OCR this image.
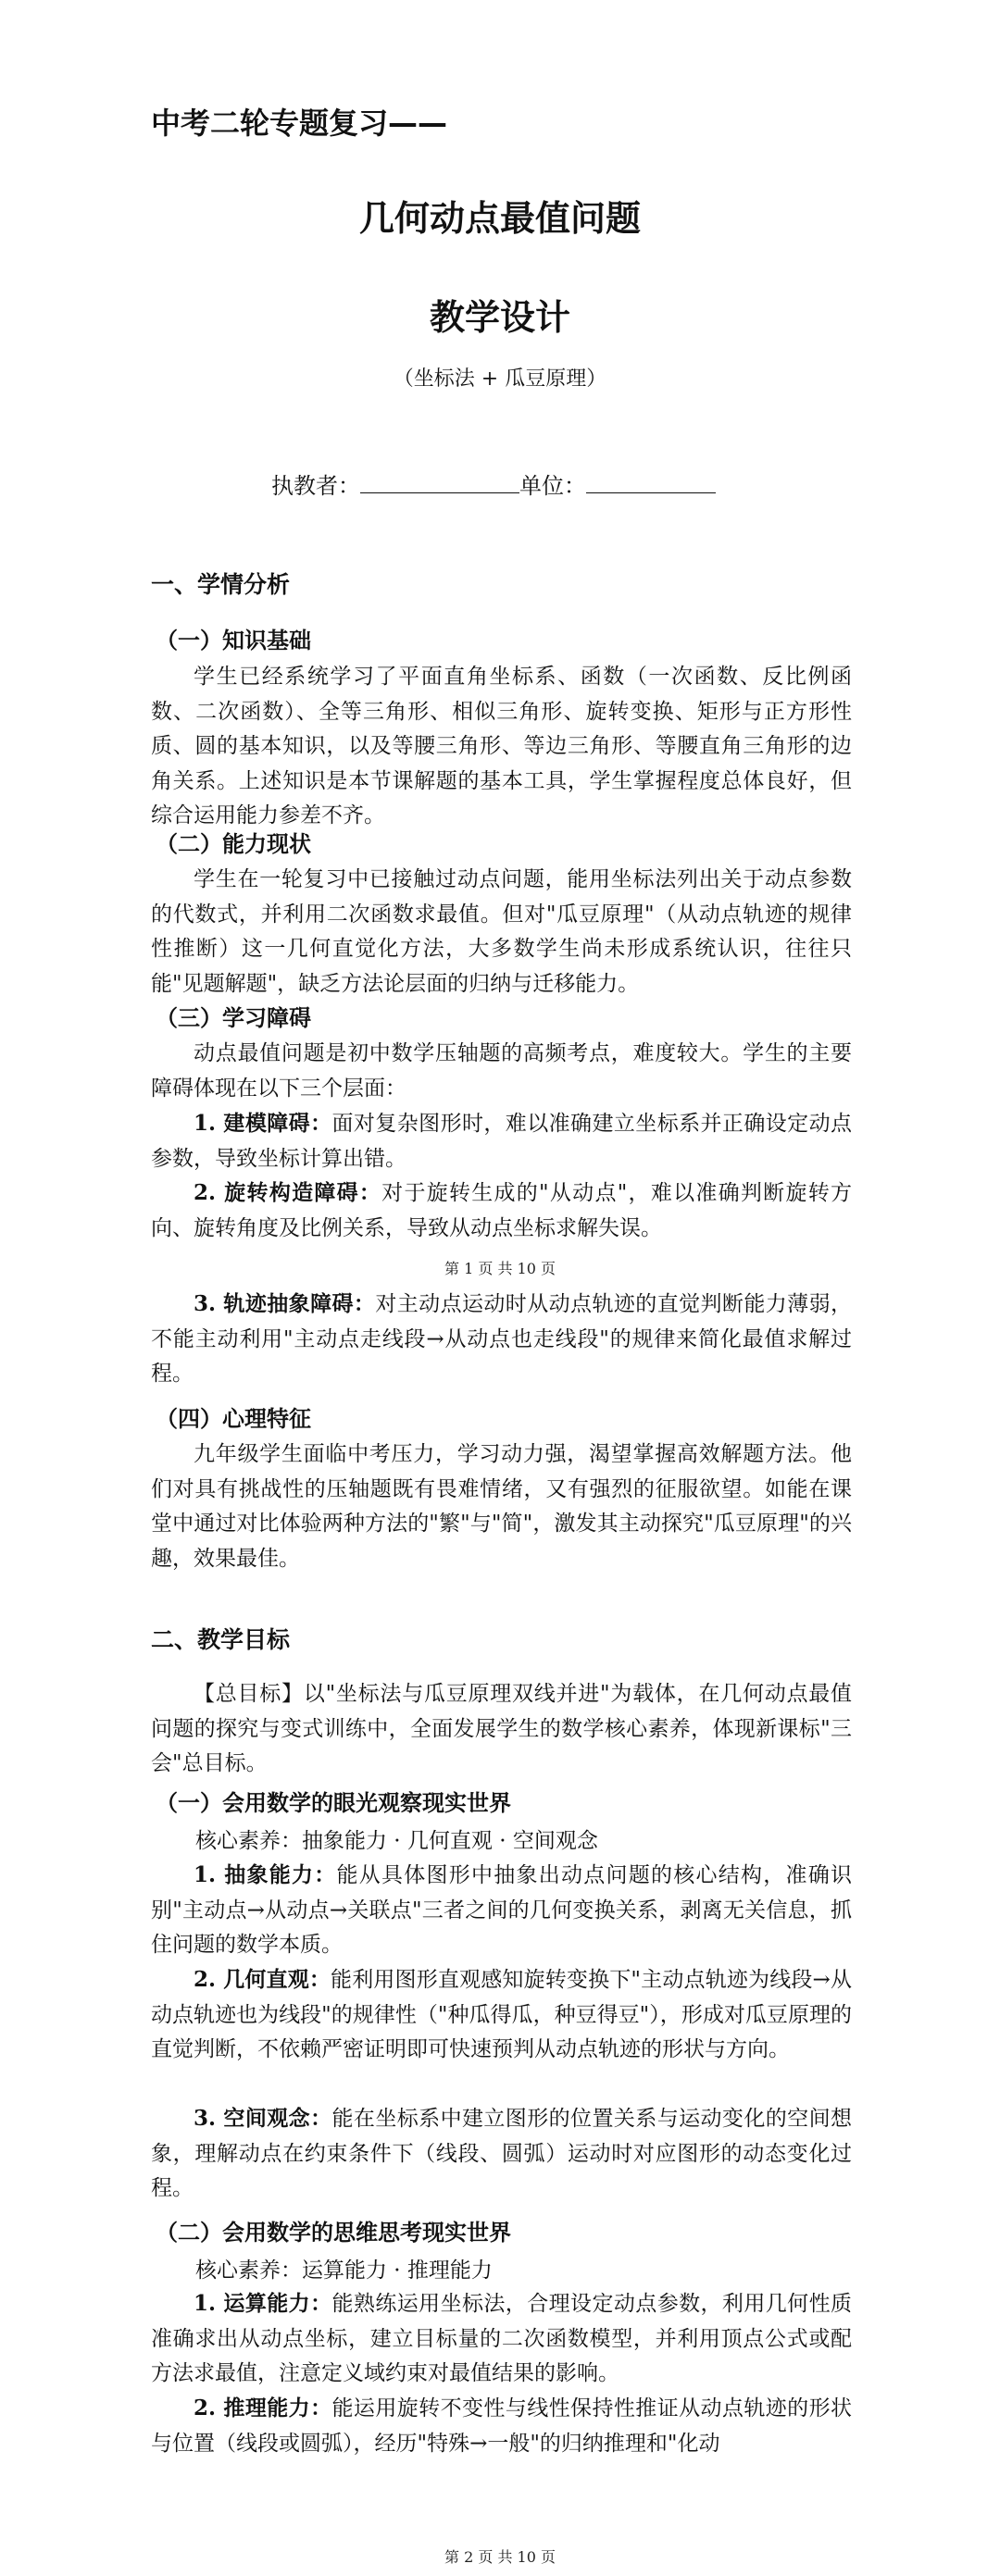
中考二轮专题复习——
几何动点最值问题
教学设计
（坐标法 + 瓜豆原理）
执教者：	单位：
一、学情分析
（一）知识基础

学生已经系统学习了平面直角坐标系、函数（一次函数、反比例函数、二次函数）、全等三角形、相似三角形、旋转变换、矩形与正方形性质、圆的基本知识，以及等腰三角形、等边三角形、等腰直角三角形的边角关系。上述知识是本节课解题的基本工具，学生掌握程度总体良好，但综合运用能力参差不齐。

（二）能力现状

学生在一轮复习中已接触过动点问题，能用坐标法列出关于动点参数的代数式，并利用二次函数求最值。但对"瓜豆原理"（从动点轨迹的规律性推断）这一几何直觉化方法，大多数学生尚未形成系统认识，往往只能"见题解题"，缺乏方法论层面的归纳与迁移能力。

（三）学习障碍

动点最值问题是初中数学压轴题的高频考点，难度较大。学生的主要障碍体现在以下三个层面：

1. 建模障碍：面对复杂图形时，难以准确建立坐标系并正确设定动点参数，导致坐标计算出错。

2. 旋转构造障碍：对于旋转生成的"从动点"，难以准确判断旋转方向、旋转角度及比例关系，导致从动点坐标求解失误。

第 1 页 共 10 页

3. 轨迹抽象障碍：对主动点运动时从动点轨迹的直觉判断能力薄弱，不能主动利用"主动点走线段→从动点也走线段"的规律来简化最值求解过程。

（四）心理特征

九年级学生面临中考压力，学习动力强，渴望掌握高效解题方法。他们对具有挑战性的压轴题既有畏难情绪，又有强烈的征服欲望。如能在课堂中通过对比体验两种方法的"繁"与"简"，激发其主动探究"瓜豆原理"的兴趣，效果最佳。

二、教学目标

【总目标】以"坐标法与瓜豆原理双线并进"为载体，在几何动点最值问题的探究与变式训练中，全面发展学生的数学核心素养，体现新课标"三会"总目标。

（一）会用数学的眼光观察现实世界
核心素养：抽象能力 · 几何直观 · 空间观念

1. 抽象能力：能从具体图形中抽象出动点问题的核心结构，准确识别"主动点→从动点→关联点"三者之间的几何变换关系，剥离无关信息，抓住问题的数学本质。

2. 几何直观：能利用图形直观感知旋转变换下"主动点轨迹为线段→从动点轨迹也为线段"的规律性（"种瓜得瓜，种豆得豆"），形成对瓜豆原理的直觉判断，不依赖严密证明即可快速预判从动点轨迹的形状与方向。

3. 空间观念：能在坐标系中建立图形的位置关系与运动变化的空间想象，理解动点在约束条件下（线段、圆弧）运动时对应图形的动态变化过程。

（二）会用数学的思维思考现实世界
核心素养：运算能力 · 推理能力

1. 运算能力：能熟练运用坐标法，合理设定动点参数，利用几何性质准确求出从动点坐标，建立目标量的二次函数模型，并利用顶点公式或配方法求最值，注意定义域约束对最值结果的影响。

2. 推理能力：能运用旋转不变性与线性保持性推证从动点轨迹的形状与位置（线段或圆弧），经历"特殊→一般"的归纳推理和"化动

第 2 页 共 10 页
